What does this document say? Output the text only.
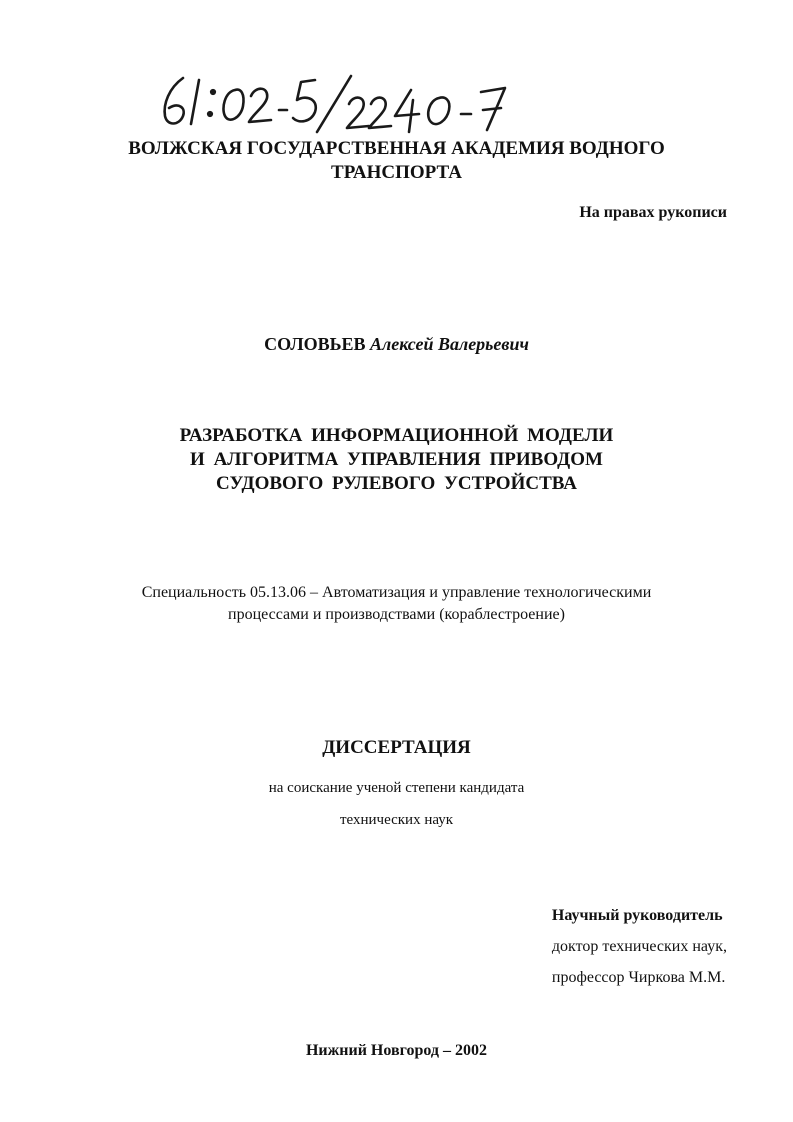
ВОЛЖСКАЯ ГОСУДАРСТВЕННАЯ АКАДЕМИЯ ВОДНОГО
ТРАНСПОРТА
На правах рукописи
СОЛОВЬЕВ Алексей Валерьевич
РАЗРАБОТКА ИНФОРМАЦИОННОЙ МОДЕЛИ
И АЛГОРИТМА УПРАВЛЕНИЯ ПРИВОДОМ
СУДОВОГО РУЛЕВОГО УСТРОЙСТВА
Специальность 05.13.06 – Автоматизация и управление технологическими
процессами и производствами (кораблестроение)
ДИССЕРТАЦИЯ
на соискание ученой степени кандидата
технических наук
Научный руководитель
доктор технических наук,
профессор Чиркова М.М.
Нижний Новгород – 2002
